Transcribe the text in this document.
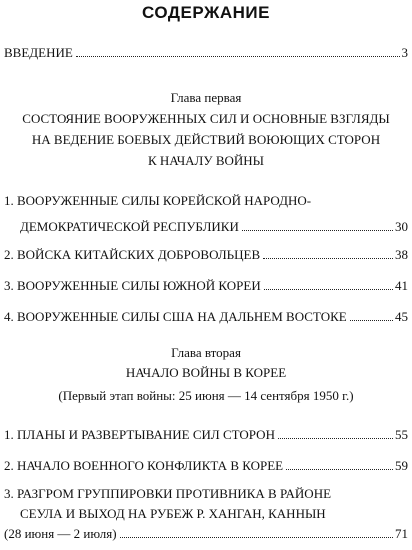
СОДЕРЖАНИЕ
ВВЕДЕНИЕ	3
Глава первая
СОСТОЯНИЕ ВООРУЖЕННЫХ СИЛ И ОСНОВНЫЕ ВЗГЛЯДЫ
НА ВЕДЕНИЕ БОЕВЫХ ДЕЙСТВИЙ ВОЮЮЩИХ СТОРОН
К НАЧАЛУ ВОЙНЫ
1. ВООРУЖЕННЫЕ СИЛЫ КОРЕЙСКОЙ НАРОДНО-
ДЕМОКРАТИЧЕСКОЙ РЕСПУБЛИКИ	30
2. ВОЙСКА КИТАЙСКИХ ДОБРОВОЛЬЦЕВ	38
3. ВООРУЖЕННЫЕ СИЛЫ ЮЖНОЙ КОРЕИ	41
4. ВООРУЖЕННЫЕ СИЛЫ США НА ДАЛЬНЕМ ВОСТОКЕ	45
Глава вторая
НАЧАЛО ВОЙНЫ В КОРЕЕ
(Первый этап войны: 25 июня — 14 сентября 1950 г.)
1. ПЛАНЫ И РАЗВЕРТЫВАНИЕ СИЛ СТОРОН	55
2. НАЧАЛО ВОЕННОГО КОНФЛИКТА В КОРЕЕ	59
3. РАЗГРОМ ГРУППИРОВКИ ПРОТИВНИКА В РАЙОНЕ
СЕУЛА И ВЫХОД НА РУБЕЖ Р. ХАНГАН, КАННЫН
(28 июня — 2 июля)	71
